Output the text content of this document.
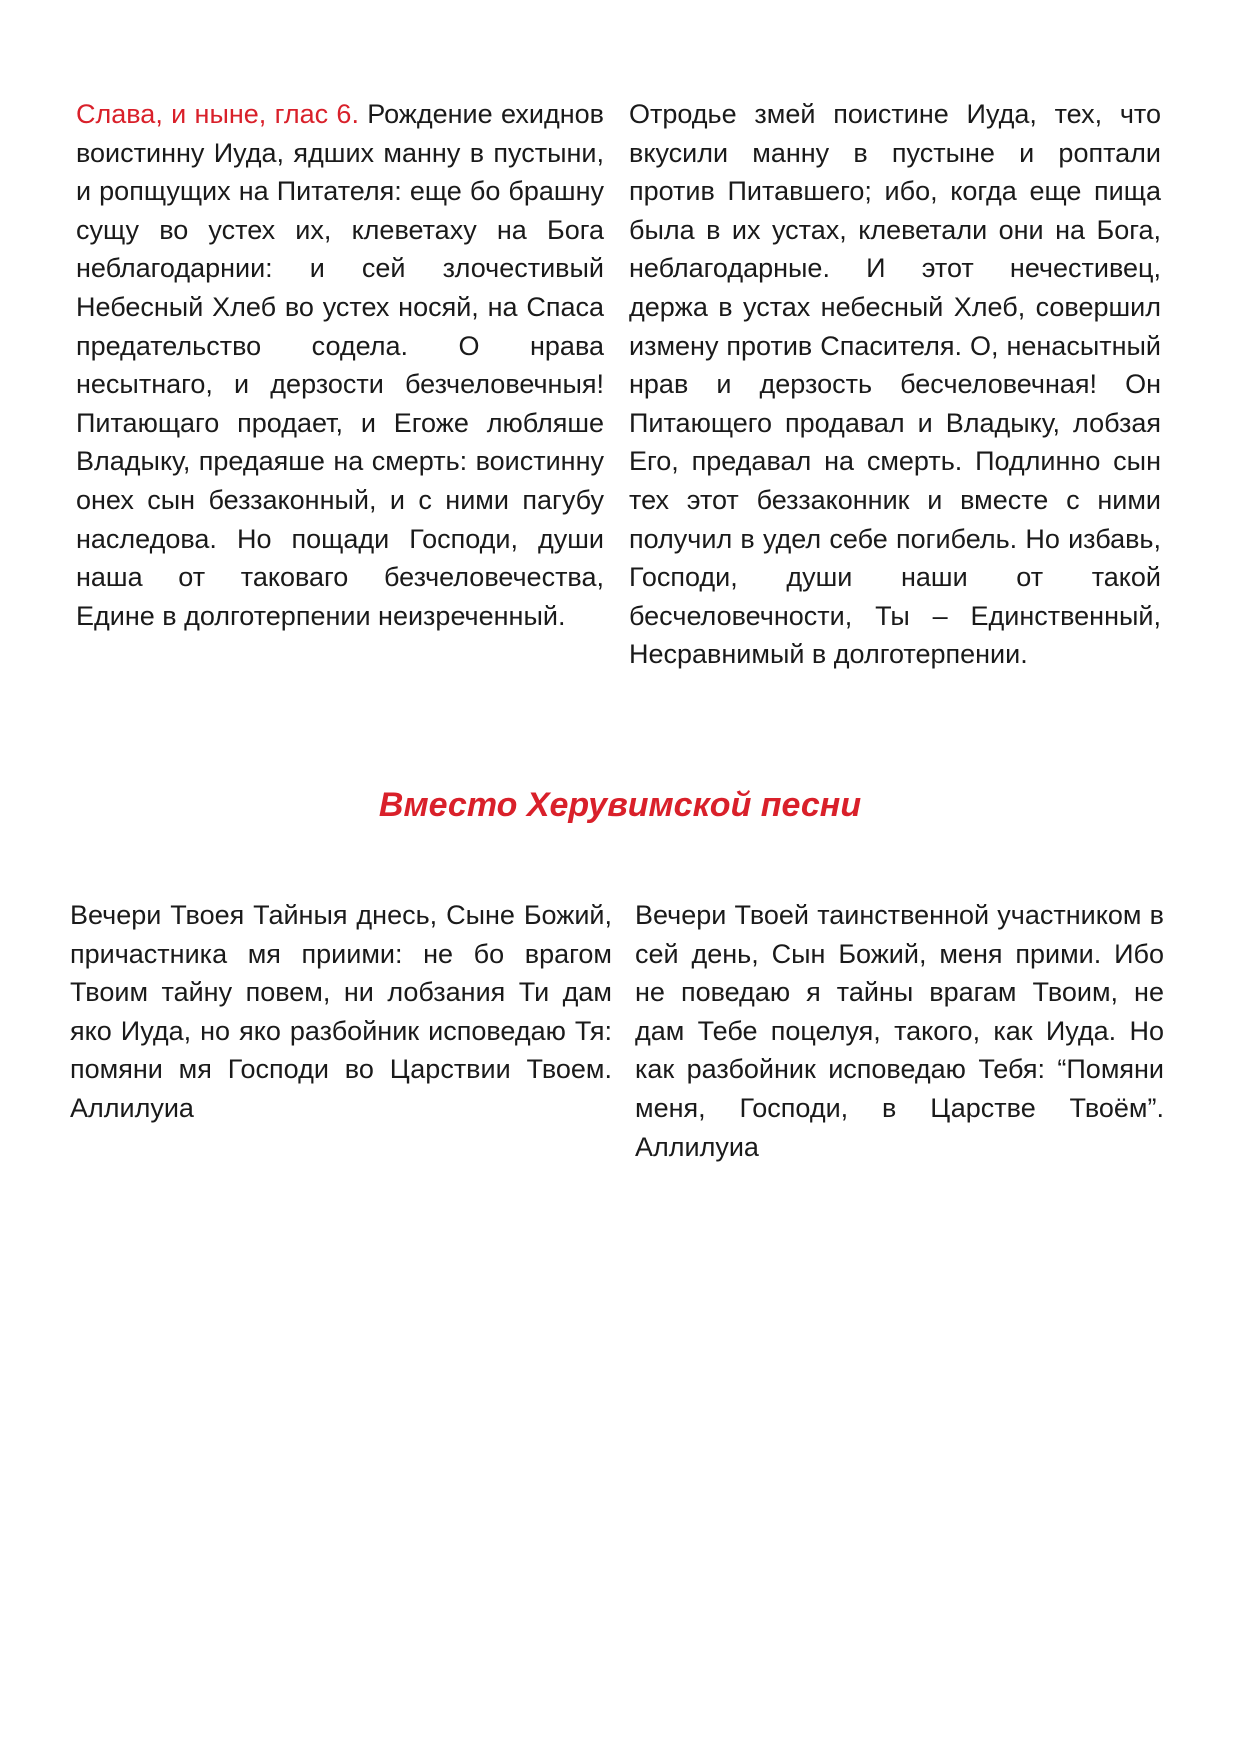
Слава, и ныне, глас 6. Рождение ехиднов воистинну Иуда, ядших манну в пустыни, и ропщущих на Питателя: еще бо брашну сущу во устех их, клеветаху на Бога неблагодарнии: и сей злочестивый Небесный Хлеб во устех носяй, на Спаса предательство содела. О нрава несытнаго, и дерзости безчеловечныя! Питающаго продает, и Егоже любляше Владыку, предаяше на смерть: воистинну онех сын беззаконный, и с ними пагубу наследова. Но пощади Господи, души наша от таковаго безчеловечества, Едине в долготерпении неизреченный.

Отродье змей поистине Иуда, тех, что вкусили манну в пустыне и роптали против Питавшего; ибо, когда еще пища была в их устах, клеветали они на Бога, неблагодарные. И этот нечестивец, держа в устах небесный Хлеб, совершил измену против Спасителя. О, ненасытный нрав и дерзость бесчеловечная! Он Питающего продавал и Владыку, лобзая Его, предавал на смерть. Подлинно сын тех этот беззаконник и вместе с ними получил в удел себе погибель. Но избавь, Господи, души наши от такой бесчеловечности, Ты – Единственный, Несравнимый в долготерпении.

Вместо Херувимской песни

Вечери Твоея Тайныя днесь, Сыне Божий, причастника мя приими: не бо врагом Твоим тайну повем, ни лобзания Ти дам яко Иуда, но яко разбойник исповедаю Тя: помяни мя Господи во Царствии Твоем. Аллилуиа

Вечери Твоей таинственной участником в сей день, Сын Божий, меня прими. Ибо не поведаю я тайны врагам Твоим, не дам Тебе поцелуя, такого, как Иуда. Но как разбойник исповедаю Тебя: “Помяни меня, Господи, в Царстве Твоём”. Аллилуиа
